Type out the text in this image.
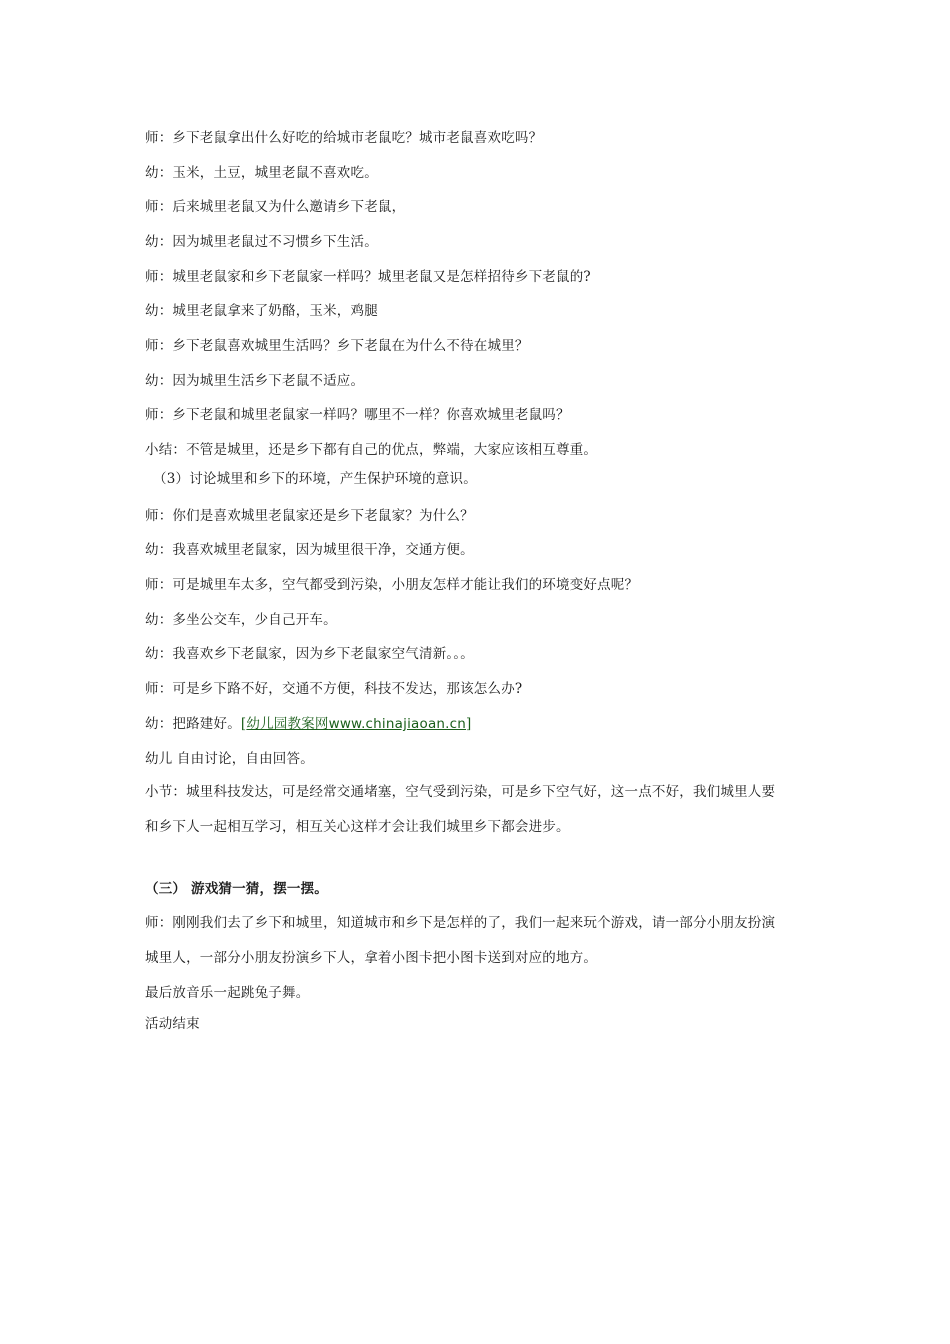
师：乡下老鼠拿出什么好吃的给城市老鼠吃？城市老鼠喜欢吃吗？
幼：玉米，土豆，城里老鼠不喜欢吃。
师：后来城里老鼠又为什么邀请乡下老鼠，
幼：因为城里老鼠过不习惯乡下生活。
师：城里老鼠家和乡下老鼠家一样吗？城里老鼠又是怎样招待乡下老鼠的?
幼：城里老鼠拿来了奶酪，玉米，鸡腿
师：乡下老鼠喜欢城里生活吗？乡下老鼠在为什么不待在城里？
幼：因为城里生活乡下老鼠不适应。
师：乡下老鼠和城里老鼠家一样吗？哪里不一样？你喜欢城里老鼠吗？
小结：不管是城里，还是乡下都有自己的优点，弊端，大家应该相互尊重。
（3）讨论城里和乡下的环境，产生保护环境的意识。
师：你们是喜欢城里老鼠家还是乡下老鼠家？为什么？
幼：我喜欢城里老鼠家，因为城里很干净，交通方便。
师：可是城里车太多，空气都受到污染，小朋友怎样才能让我们的环境变好点呢？
幼：多坐公交车，少自己开车。
幼：我喜欢乡下老鼠家，因为乡下老鼠家空气清新。。。
师：可是乡下路不好，交通不方便，科技不发达，那该怎么办?
幼：把路建好。[幼儿园教案网www.chinajiaoan.cn]
幼儿 自由讨论，自由回答。
小节：城里科技发达，可是经常交通堵塞，空气受到污染，可是乡下空气好，这一点不好，我们城里人要
和乡下人一起相互学习，相互关心这样才会让我们城里乡下都会进步。
（三） 游戏猜一猜，摆一摆。
师：刚刚我们去了乡下和城里，知道城市和乡下是怎样的了，我们一起来玩个游戏，请一部分小朋友扮演
城里人，一部分小朋友扮演乡下人，拿着小图卡把小图卡送到对应的地方。
最后放音乐一起跳兔子舞。
活动结束
